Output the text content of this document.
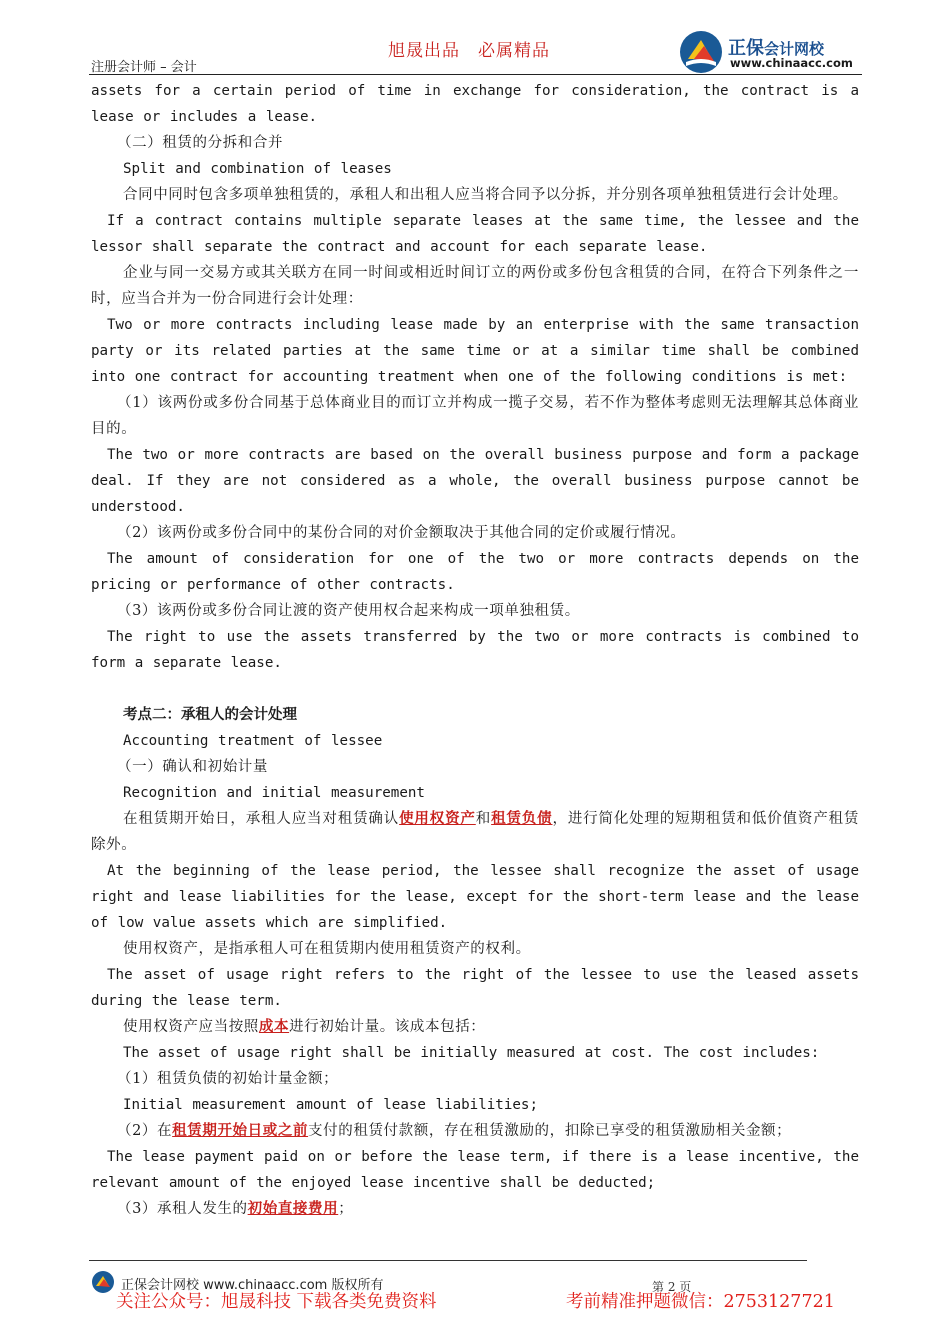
旭晟出品 必属精品
注册会计师 – 会计
正保会计网校
www.chinaacc.com

assets for a certain period of time in exchange for consideration, the contract is a lease or includes a lease.

（二）租赁的分拆和合并

Split and combination of leases

合同中同时包含多项单独租赁的，承租人和出租人应当将合同予以分拆，并分别各项单独租赁进行会计处理。

If a contract contains multiple separate leases at the same time, the lessee and the lessor shall separate the contract and account for each separate lease.

企业与同一交易方或其关联方在同一时间或相近时间订立的两份或多份包含租赁的合同，在符合下列条件之一时，应当合并为一份合同进行会计处理：

Two or more contracts including lease made by an enterprise with the same transaction party or its related parties at the same time or at a similar time shall be combined into one contract for accounting treatment when one of the following conditions is met:

（1）该两份或多份合同基于总体商业目的而订立并构成一揽子交易，若不作为整体考虑则无法理解其总体商业目的。

The two or more contracts are based on the overall business purpose and form a package deal. If they are not considered as a whole, the overall business purpose cannot be understood.

（2）该两份或多份合同中的某份合同的对价金额取决于其他合同的定价或履行情况。

The amount of consideration for one of the two or more contracts depends on the pricing or performance of other contracts.

（3）该两份或多份合同让渡的资产使用权合起来构成一项单独租赁。

The right to use the assets transferred by the two or more contracts is combined to form a separate lease.

考点二：承租人的会计处理

Accounting treatment of lessee

（一）确认和初始计量

Recognition and initial measurement

在租赁期开始日，承租人应当对租赁确认使用权资产和租赁负债，进行简化处理的短期租赁和低价值资产租赁除外。

At the beginning of the lease period, the lessee shall recognize the asset of usage right and lease liabilities for the lease, except for the short-term lease and the lease of low value assets which are simplified.

使用权资产，是指承租人可在租赁期内使用租赁资产的权利。

The asset of usage right refers to the right of the lessee to use the leased assets during the lease term.

使用权资产应当按照成本进行初始计量。该成本包括：

The asset of usage right shall be initially measured at cost. The cost includes:

（1）租赁负债的初始计量金额；

Initial measurement amount of lease liabilities;

（2）在租赁期开始日或之前支付的租赁付款额，存在租赁激励的，扣除已享受的租赁激励相关金额；

The lease payment paid on or before the lease term, if there is a lease incentive, the relevant amount of the enjoyed lease incentive shall be deducted;

（3）承租人发生的初始直接费用；

正保会计网校 www.chinaacc.com 版权所有	第 2 页
关注公众号：旭晟科技 下载各类免费资料	考前精准押题微信：2753127721
